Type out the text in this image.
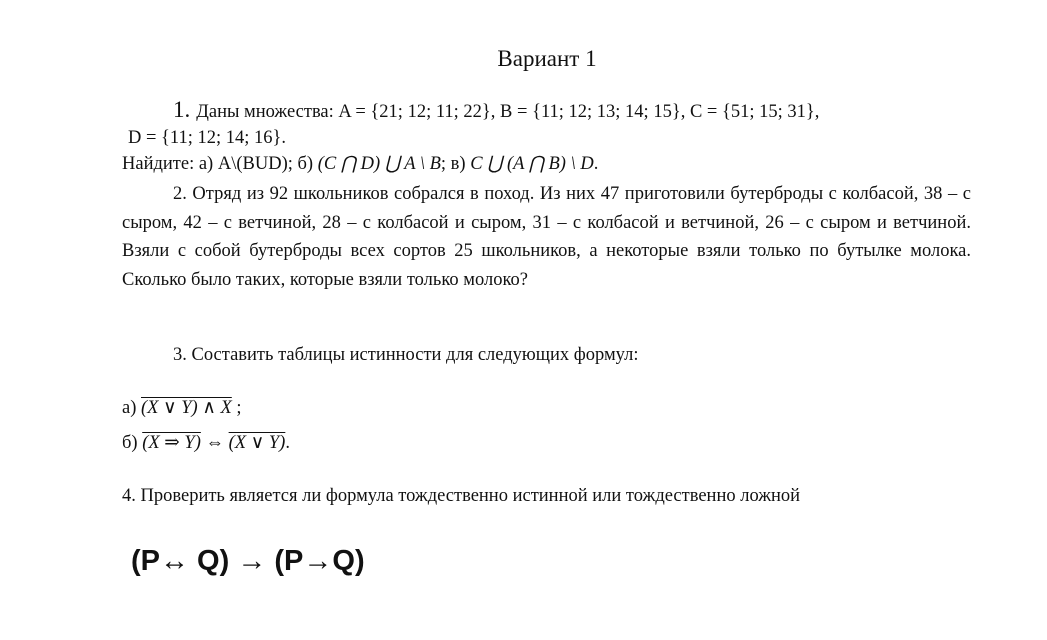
Вариант 1
1. Даны множества: A = {21; 12; 11; 22}, B = {11; 12; 13; 14; 15}, C = {51; 15; 31},
D = {11; 12; 14; 16}.
Найдите: а) A\(BUD); б) (C ⋂ D) ⋃ A \ B; в) C ⋃ (A ⋂ B) \ D.
2. Отряд из 92 школьников собрался в поход. Из них 47 приготовили бутерброды с колбасой, 38 – с сыром, 42 – с ветчиной, 28 – с колбасой и сыром, 31 – с колбасой и ветчиной, 26 – с сыром и ветчиной. Взяли с собой бутерброды всех сортов 25 школьников, а некоторые взяли только по бутылке молока. Сколько было таких, которые взяли только молоко?
3. Составить таблицы истинности для следующих формул:
а) (X ∨ Y) ∧ X ;
б) (X ⇒ Y) ⇔ (X ∨ Y).
4. Проверить является ли формула тождественно истинной или тождественно ложной
(P↔ Q) → (P→Q)
